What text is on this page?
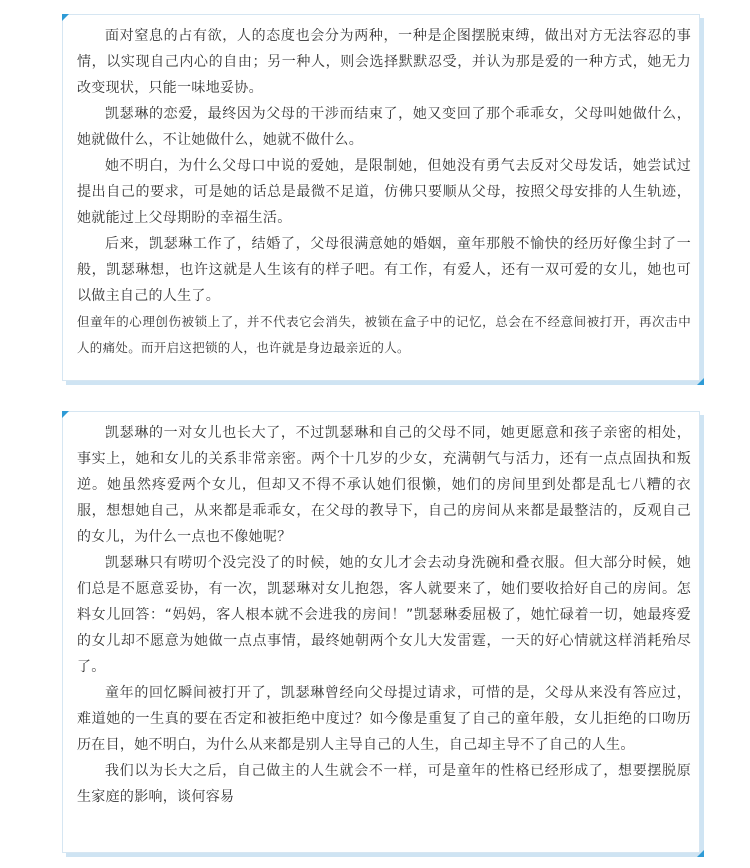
面对窒息的占有欲，人的态度也会分为两种，一种是企图摆脱束缚，做出对方无法容忍的事情，以实现自己内心的自由；另一种人，则会选择默默忍受，并认为那是爱的一种方式，她无力改变现状，只能一味地妥协。

凯瑟琳的恋爱，最终因为父母的干涉而结束了，她又变回了那个乖乖女，父母叫她做什么，她就做什么，不让她做什么，她就不做什么。

她不明白，为什么父母口中说的爱她，是限制她，但她没有勇气去反对父母发话，她尝试过提出自己的要求，可是她的话总是最微不足道，仿佛只要顺从父母，按照父母安排的人生轨迹，她就能过上父母期盼的幸福生活。

后来，凯瑟琳工作了，结婚了，父母很满意她的婚姻，童年那般不愉快的经历好像尘封了一般，凯瑟琳想，也许这就是人生该有的样子吧。有工作，有爱人，还有一双可爱的女儿，她也可以做主自己的人生了。

但童年的心理创伤被锁上了，并不代表它会消失，被锁在盒子中的记忆，总会在不经意间被打开，再次击中人的痛处。而开启这把锁的人，也许就是身边最亲近的人。

凯瑟琳的一对女儿也长大了，不过凯瑟琳和自己的父母不同，她更愿意和孩子亲密的相处，事实上，她和女儿的关系非常亲密。两个十几岁的少女，充满朝气与活力，还有一点点固执和叛逆。她虽然疼爱两个女儿，但却又不得不承认她们很懒，她们的房间里到处都是乱七八糟的衣服，想想她自己，从来都是乖乖女，在父母的教导下，自己的房间从来都是最整洁的，反观自己的女儿，为什么一点也不像她呢？

凯瑟琳只有唠叨个没完没了的时候，她的女儿才会去动身洗碗和叠衣服。但大部分时候，她们总是不愿意妥协，有一次，凯瑟琳对女儿抱怨，客人就要来了，她们要收拾好自己的房间。怎料女儿回答：“妈妈，客人根本就不会进我的房间！”凯瑟琳委屈极了，她忙碌着一切，她最疼爱的女儿却不愿意为她做一点点事情，最终她朝两个女儿大发雷霆，一天的好心情就这样消耗殆尽了。

童年的回忆瞬间被打开了，凯瑟琳曾经向父母提过请求，可惜的是，父母从来没有答应过，难道她的一生真的要在否定和被拒绝中度过？如今像是重复了自己的童年般，女儿拒绝的口吻历历在目，她不明白，为什么从来都是别人主导自己的人生，自己却主导不了自己的人生。

我们以为长大之后，自己做主的人生就会不一样，可是童年的性格已经形成了，想要摆脱原生家庭的影响，谈何容易
